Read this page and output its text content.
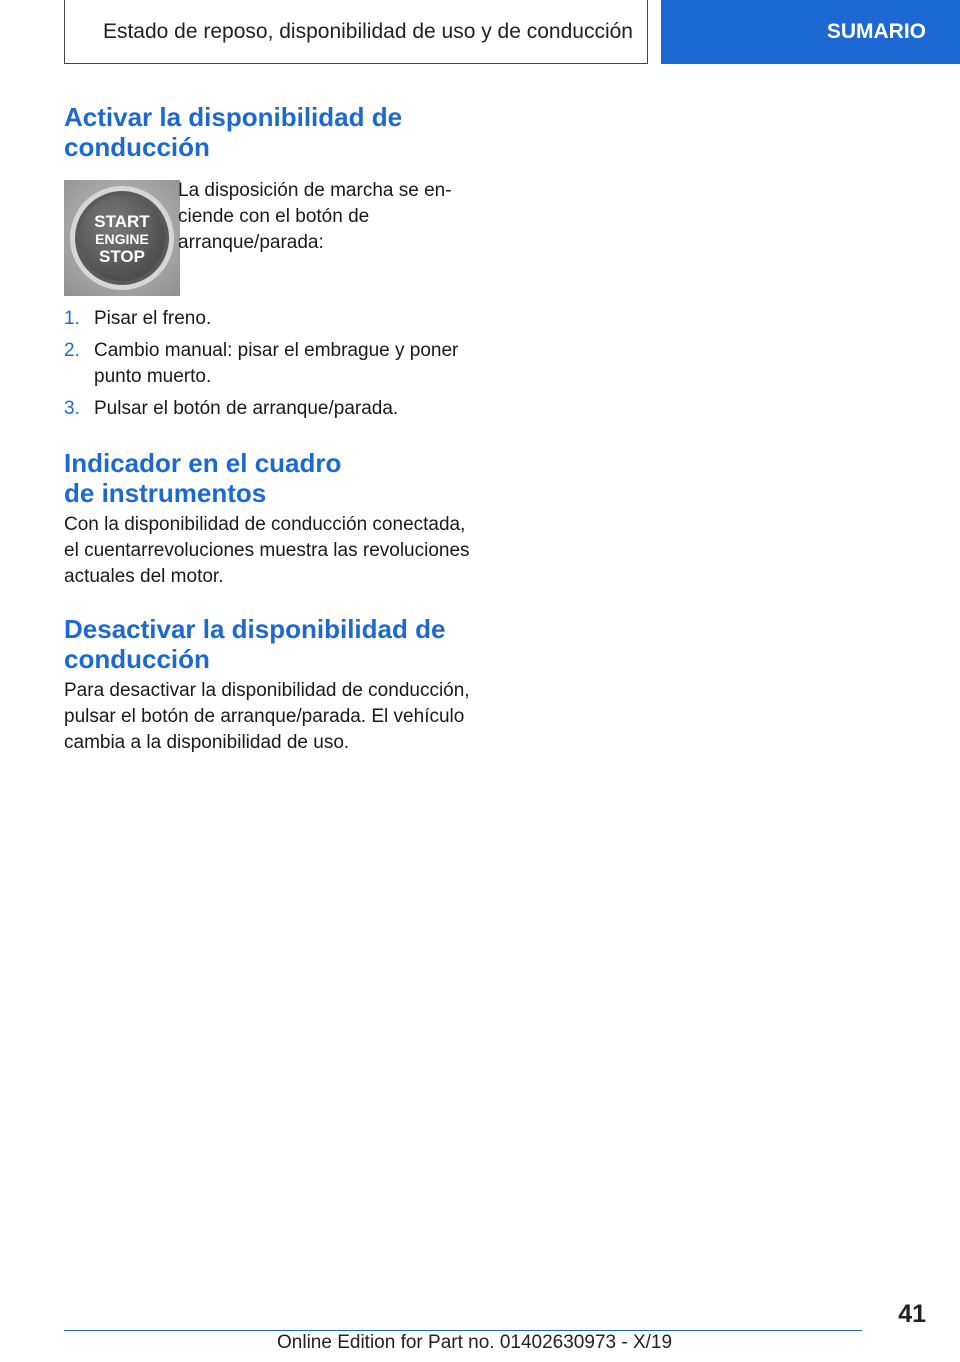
Estado de reposo, disponibilidad de uso y de conducción	SUMARIO
Activar la disponibilidad de conducción
START
ENGINE
STOP

La disposición de marcha se en-ciende con el botón de arranque/parada:

1. Pisar el freno.
2. Cambio manual: pisar el embrague y poner punto muerto.
3. Pulsar el botón de arranque/parada.
Indicador en el cuadro
de instrumentos

Con la disponibilidad de conducción conectada, el cuentarrevoluciones muestra las revoluciones actuales del motor.

Desactivar la disponibilidad de conducción

Para desactivar la disponibilidad de conducción, pulsar el botón de arranque/parada. El vehículo cambia a la disponibilidad de uso.

41
Online Edition for Part no. 01402630973 - X/19
